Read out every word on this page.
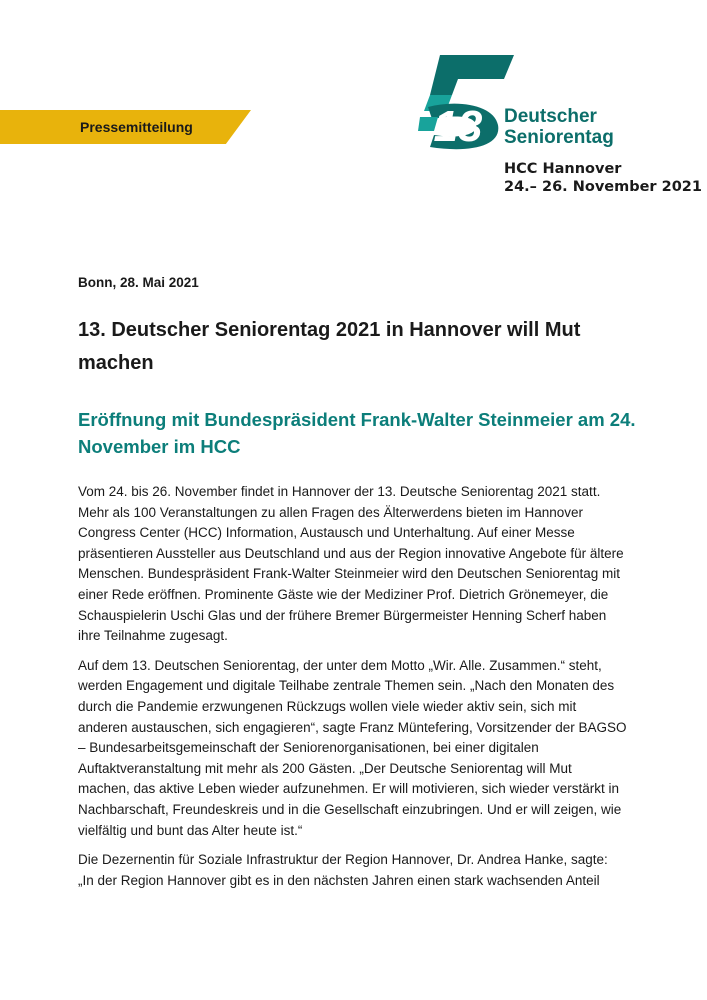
Pressemitteilung	13 Deutscher
Seniorentag
HCC Hannover
24.– 26. November 2021
Bonn, 28. Mai 2021
13. Deutscher Seniorentag 2021 in Hannover will Mut machen
Eröffnung mit Bundespräsident Frank-Walter Steinmeier am 24. November im HCC

Vom 24. bis 26. November findet in Hannover der 13. Deutsche Seniorentag 2021 statt. Mehr als 100 Veranstaltungen zu allen Fragen des Älterwerdens bieten im Hannover Congress Center (HCC) Information, Austausch und Unterhaltung. Auf einer Messe präsentieren Aussteller aus Deutschland und aus der Region innovative Angebote für ältere Menschen. Bundespräsident Frank-Walter Steinmeier wird den Deutschen Seniorentag mit einer Rede eröffnen. Prominente Gäste wie der Mediziner Prof. Dietrich Grönemeyer, die Schauspielerin Uschi Glas und der frühere Bremer Bürgermeister Henning Scherf haben ihre Teilnahme zugesagt.

Auf dem 13. Deutschen Seniorentag, der unter dem Motto „Wir. Alle. Zusammen.“ steht, werden Engagement und digitale Teilhabe zentrale Themen sein. „Nach den Monaten des durch die Pandemie erzwungenen Rückzugs wollen viele wieder aktiv sein, sich mit anderen austauschen, sich engagieren“, sagte Franz Müntefering, Vorsitzender der BAGSO – Bundesarbeitsgemeinschaft der Seniorenorganisationen, bei einer digitalen Auftaktveranstaltung mit mehr als 200 Gästen. „Der Deutsche Seniorentag will Mut machen, das aktive Leben wieder aufzunehmen. Er will motivieren, sich wieder verstärkt in Nachbarschaft, Freundeskreis und in die Gesellschaft einzubringen. Und er will zeigen, wie vielfältig und bunt das Alter heute ist.“

Die Dezernentin für Soziale Infrastruktur der Region Hannover, Dr. Andrea Hanke, sagte: „In der Region Hannover gibt es in den nächsten Jahren einen stark wachsenden Anteil
